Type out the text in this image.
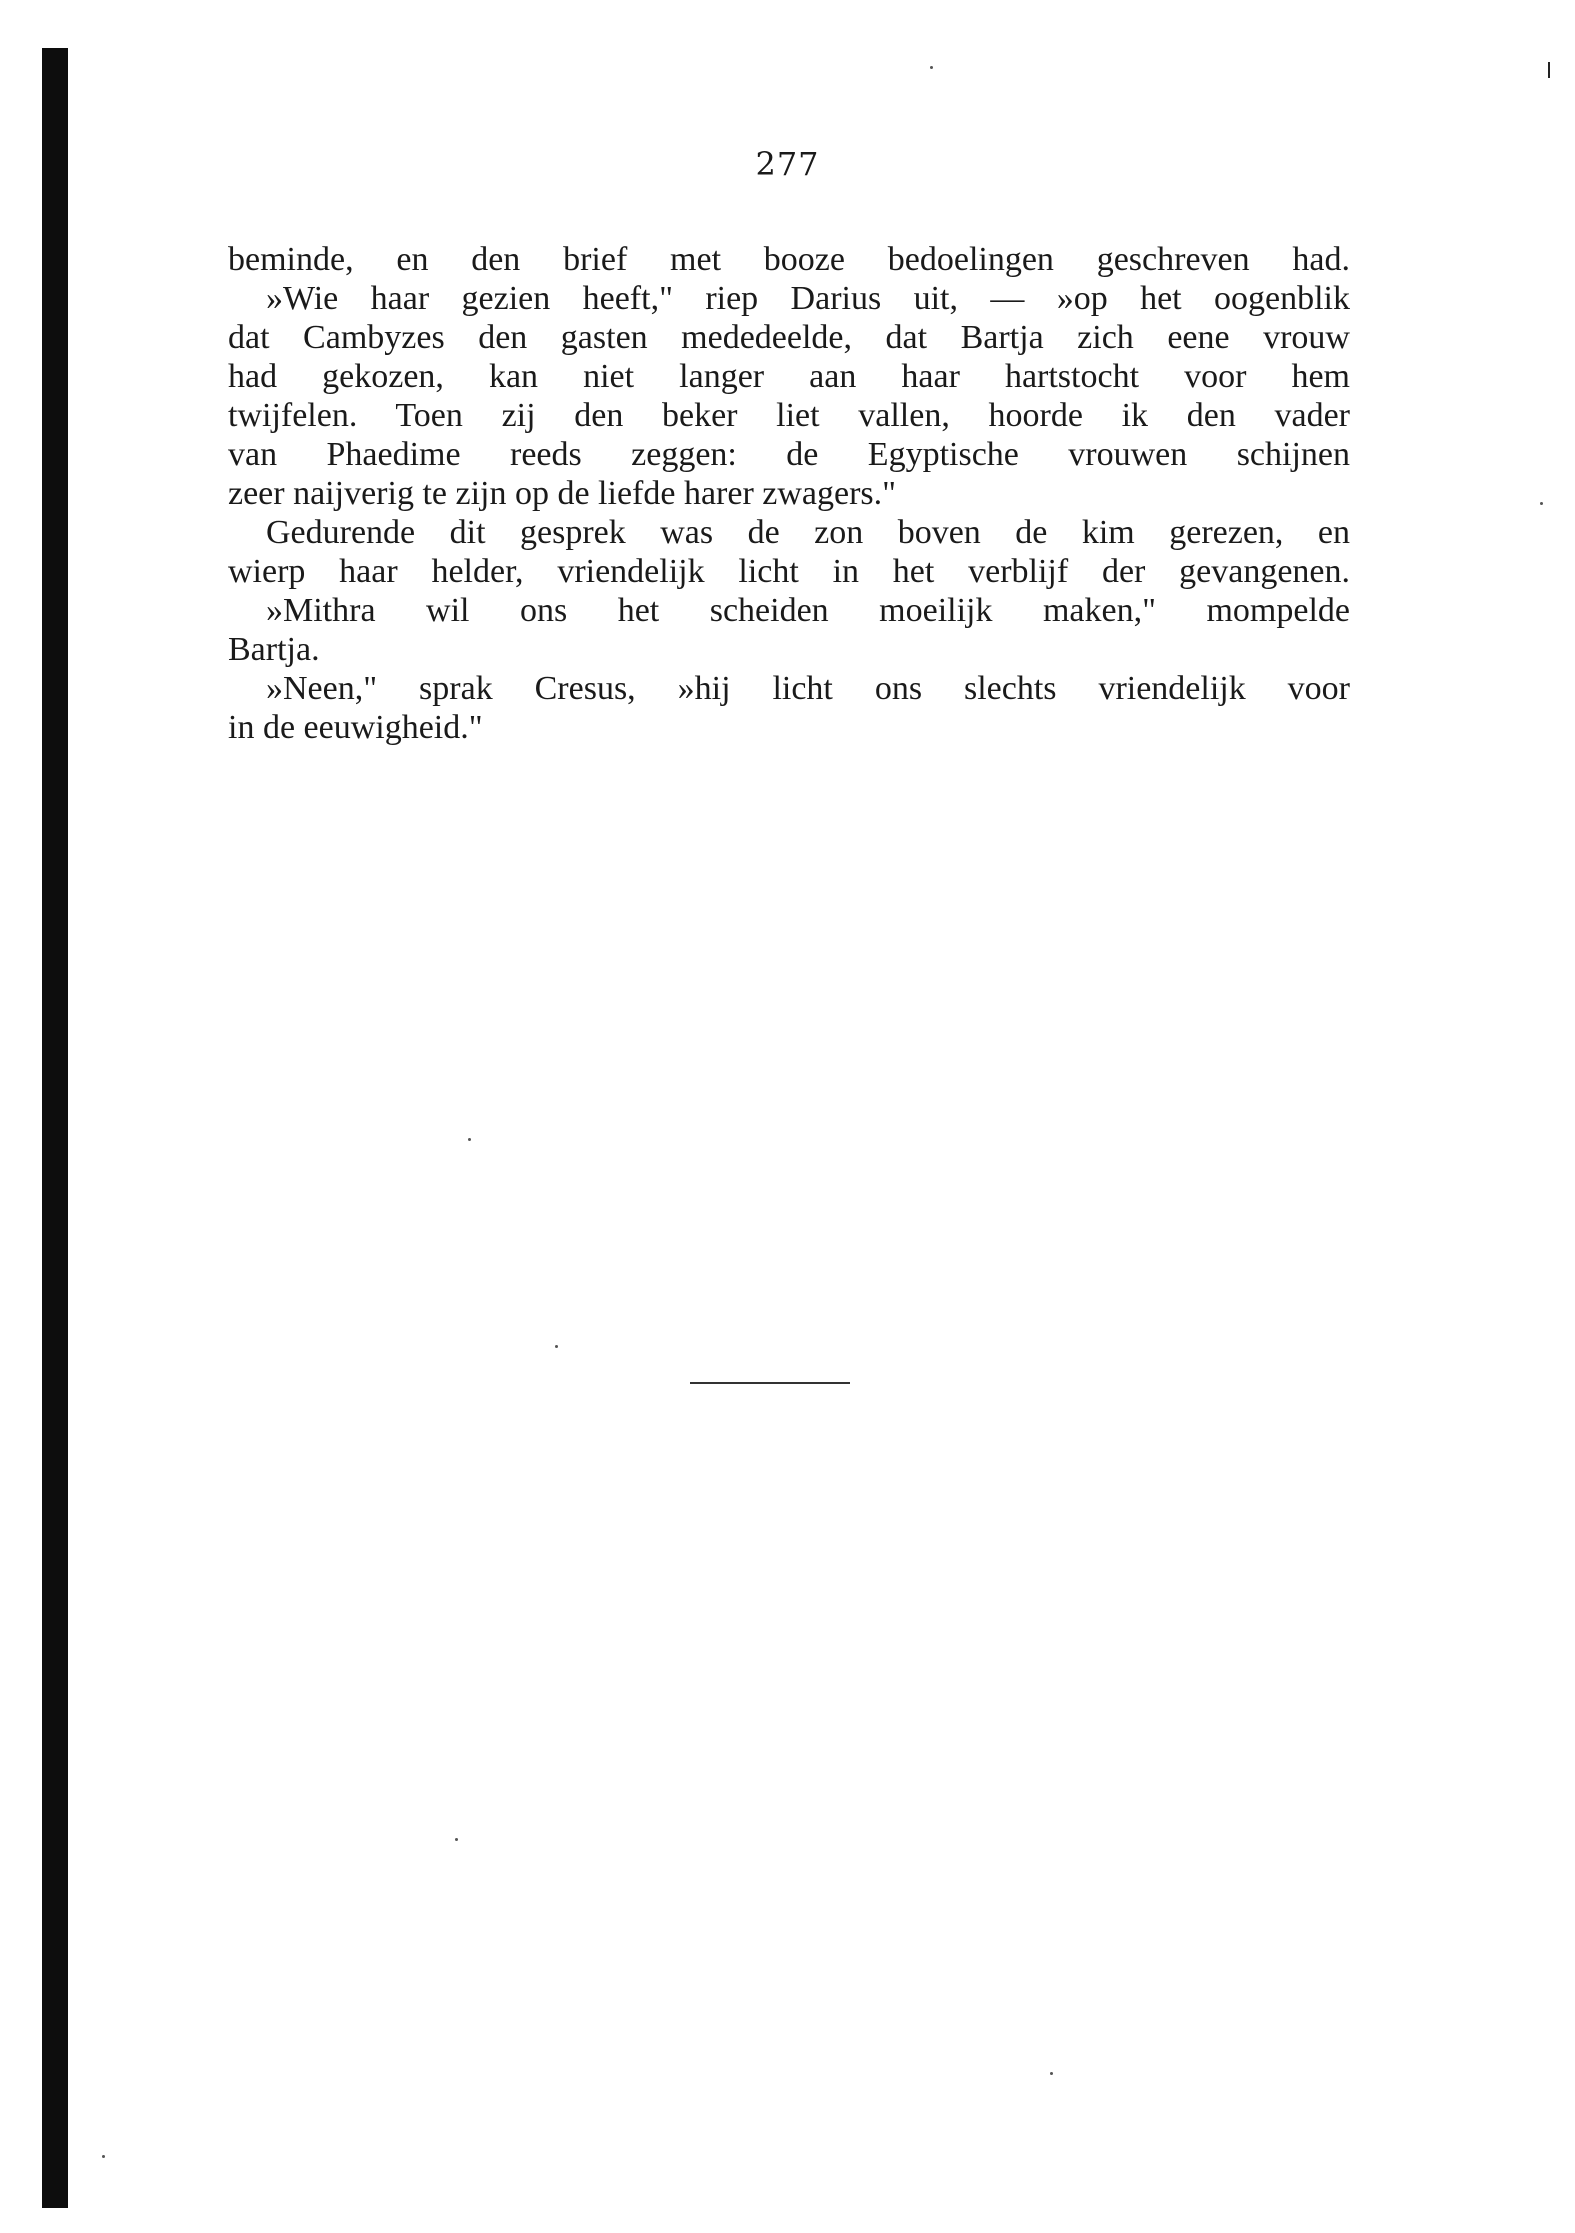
277
beminde, en den brief met booze bedoelingen geschreven had.
»Wie haar gezien heeft," riep Darius uit, — »op het oogenblik
dat Cambyzes den gasten mededeelde, dat Bartja zich eene vrouw
had gekozen, kan niet langer aan haar hartstocht voor hem
twijfelen. Toen zij den beker liet vallen, hoorde ik den vader
van Phaedime reeds zeggen: de Egyptische vrouwen schijnen
zeer naijverig te zijn op de liefde harer zwagers."
Gedurende dit gesprek was de zon boven de kim gerezen, en
wierp haar helder, vriendelijk licht in het verblijf der gevangenen.
»Mithra wil ons het scheiden moeilijk maken," mompelde
Bartja.
»Neen," sprak Cresus, »hij licht ons slechts vriendelijk voor
in de eeuwigheid."
